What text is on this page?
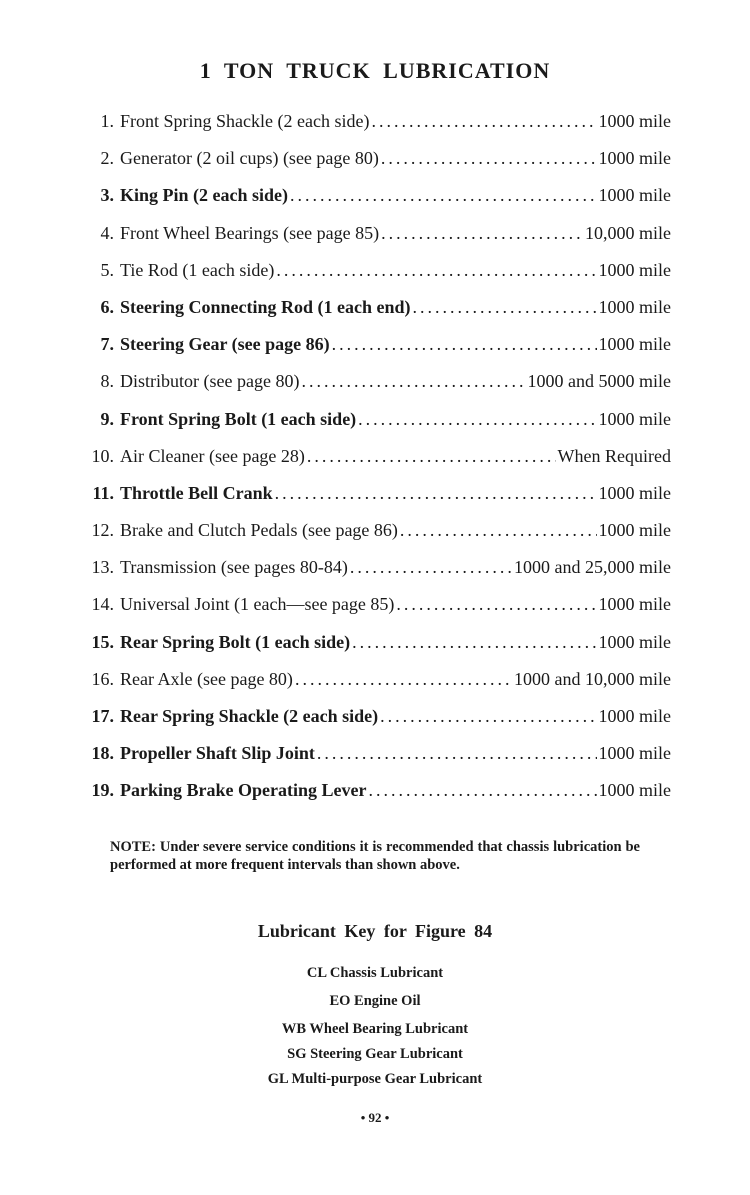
1 TON TRUCK LUBRICATION
1. Front Spring Shackle (2 each side) .....	1000 mile
2. Generator (2 oil cups) (see page 80) .....	1000 mile
3. King Pin (2 each side) .....	1000 mile
4. Front Wheel Bearings (see page 85) .....	10,000 mile
5. Tie Rod (1 each side) .....	1000 mile
6. Steering Connecting Rod (1 each end) .....	1000 mile
7. Steering Gear (see page 86) .....	1000 mile
8. Distributor (see page 80) .....	1000 and 5000 mile
9. Front Spring Bolt (1 each side) .....	1000 mile
10. Air Cleaner (see page 28) .....	When Required
11. Throttle Bell Crank .....	1000 mile
12. Brake and Clutch Pedals (see page 86) .....	1000 mile
13. Transmission (see pages 80-84) .....	1000 and 25,000 mile
14. Universal Joint (1 each—see page 85) .....	1000 mile
15. Rear Spring Bolt (1 each side) .....	1000 mile
16. Rear Axle (see page 80) .....	1000 and 10,000 mile
17. Rear Spring Shackle (2 each side) .....	1000 mile
18. Propeller Shaft Slip Joint .....	1000 mile
19. Parking Brake Operating Lever .....	1000 mile
NOTE: Under severe service conditions it is recommended that chassis lubrication be performed at more frequent intervals than shown above.
Lubricant Key for Figure 84
CL Chassis Lubricant
EO Engine Oil
WB Wheel Bearing Lubricant
SG Steering Gear Lubricant
GL Multi-purpose Gear Lubricant
• 92 •
